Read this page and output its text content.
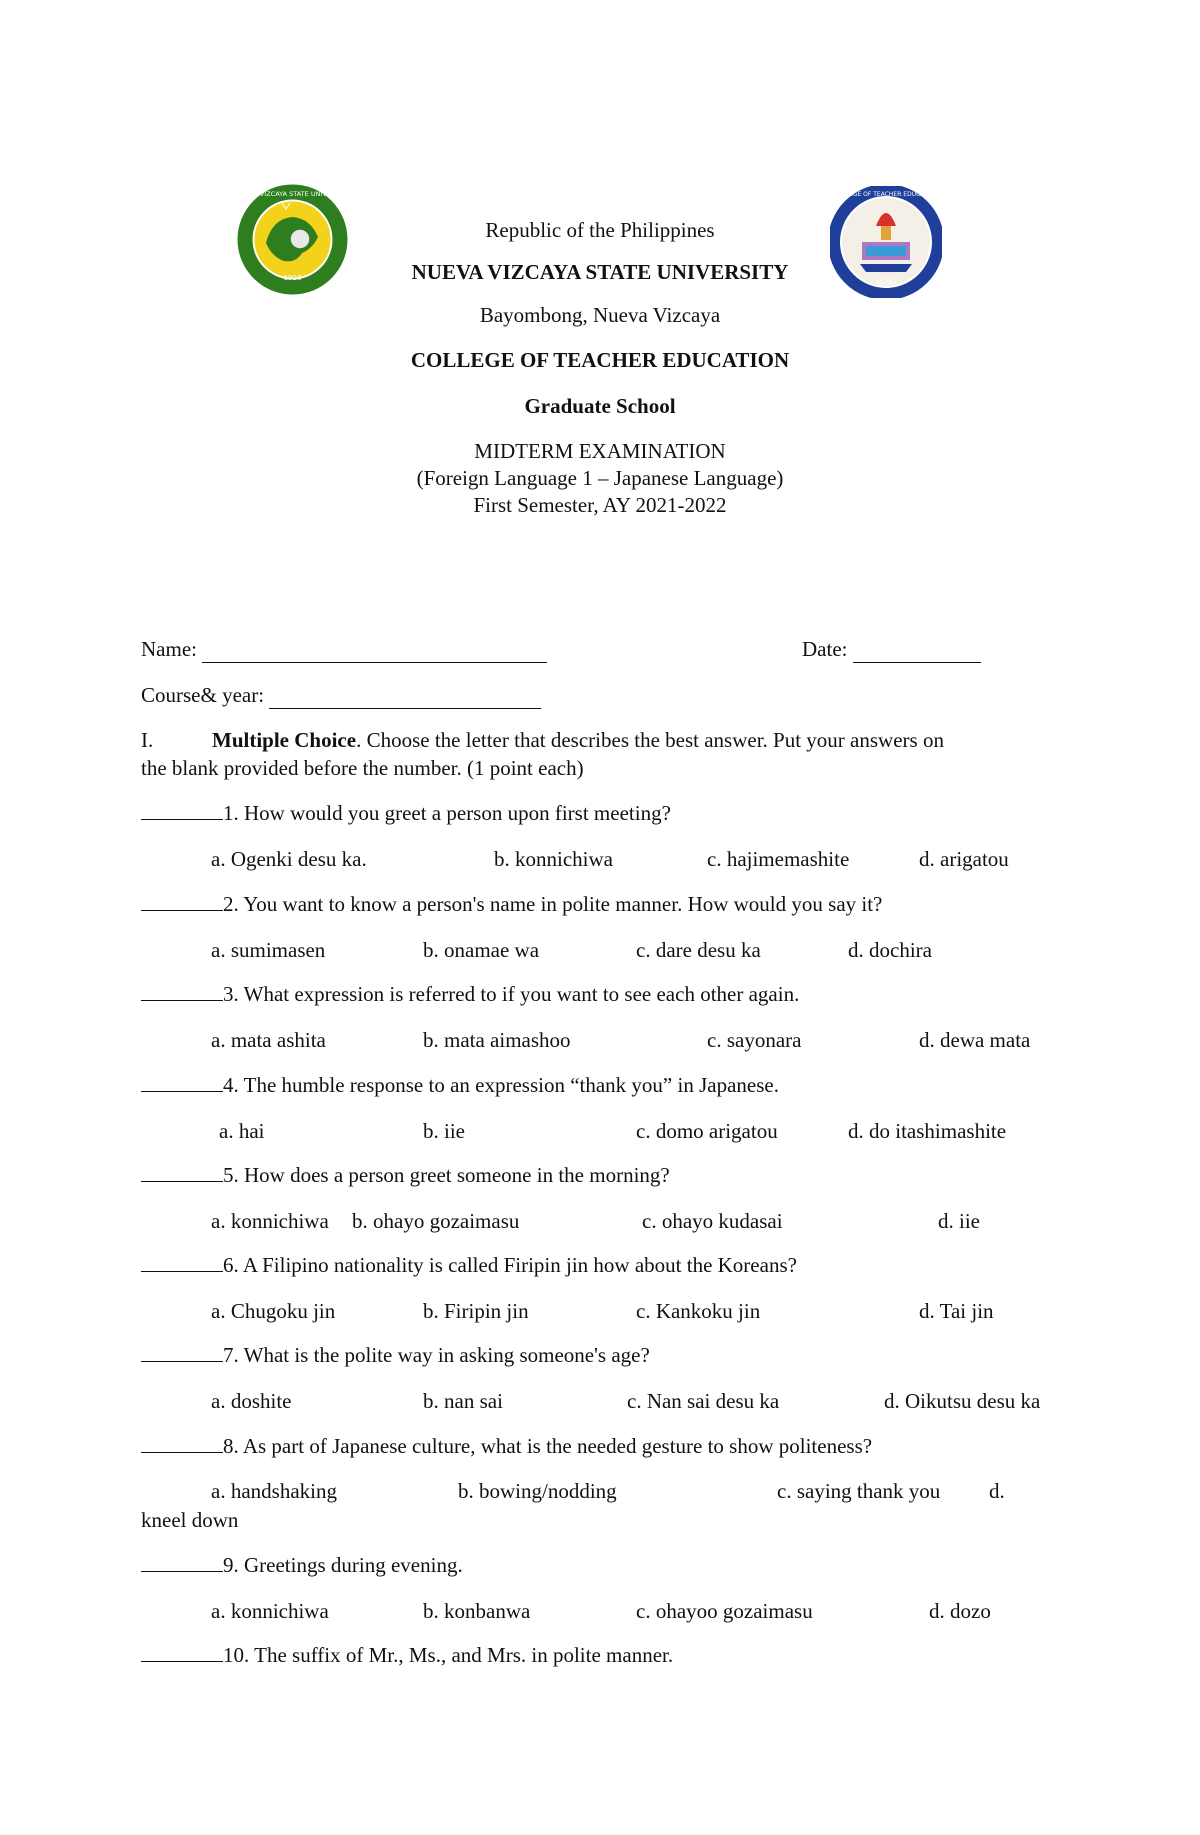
1916
NUEVA VIZCAYA STATE UNIVERSITY
NVSU
COLLEGE OF TEACHER EDUCATION
Republic of the Philippines
NUEVA VIZCAYA STATE UNIVERSITY
Bayombong, Nueva Vizcaya
COLLEGE OF TEACHER EDUCATION
Graduate School
MIDTERM EXAMINATION
(Foreign Language 1 – Japanese Language)
First Semester, AY 2021-2022
Name:	Date:
Course& year:
I.	Multiple Choice. Choose the letter that describes the best answer. Put your answers on
the blank provided before the number. (1 point each)
1. How would you greet a person upon first meeting?
a. Ogenki desu ka.	b. konnichiwa	c. hajimemashite	d. arigatou
2. You want to know a person's name in polite manner. How would you say it?
a. sumimasen	b. onamae wa	c. dare desu ka	d. dochira
3. What expression is referred to if you want to see each other again.
a. mata ashita	b. mata aimashoo	c. sayonara	d. dewa mata
4. The humble response to an expression “thank you” in Japanese.
a. hai	b. iie	c. domo arigatou	d. do itashimashite
5. How does a person greet someone in the morning?
a. konnichiwa b. ohayo gozaimasu	c. ohayo kudasai	d. iie
6. A Filipino nationality is called Firipin jin how about the Koreans?
a. Chugoku jin	b. Firipin jin	c. Kankoku jin	d. Tai jin
7. What is the polite way in asking someone's age?
a. doshite	b. nan sai	c. Nan sai desu ka	d. Oikutsu desu ka
8. As part of Japanese culture, what is the needed gesture to show politeness?
a. handshaking	b. bowing/nodding	c. saying thank you d.
kneel down
9. Greetings during evening.
a. konnichiwa	b. konbanwa	c. ohayoo gozaimasu	d. dozo
10. The suffix of Mr., Ms., and Mrs. in polite manner.
